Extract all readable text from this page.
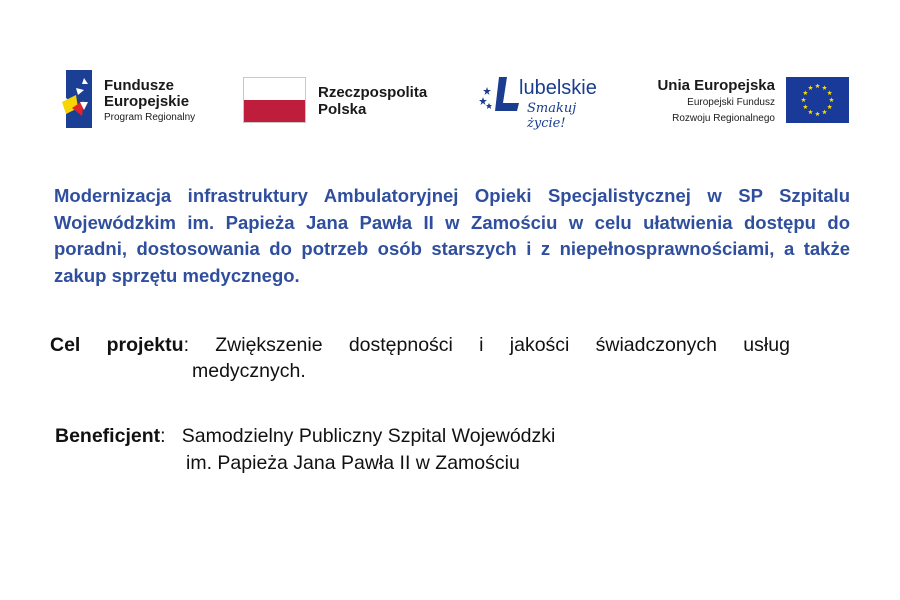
Fundusze
Europejskie
Program Regionalny
Rzeczpospolita
Polska
lubelskie
Smakuj życie!
Unia Europejska
Europejski Fundusz
Rozwoju Regionalnego

Modernizacja infrastruktury Ambulatoryjnej Opieki Specjalistycznej w SP Szpitalu Wojewódzkim im. Papieża Jana Pawła II w Zamościu w celu ułatwienia dostępu do poradni, dostosowania do potrzeb osób starszych i z niepełnosprawnościami, a także zakup sprzętu medycznego.

Cel projektu: Zwiększenie dostępności i jakości świadczonych usług
medycznych.
Beneficjent: Samodzielny Publiczny Szpital Wojewódzki
im. Papieża Jana Pawła II w Zamościu
